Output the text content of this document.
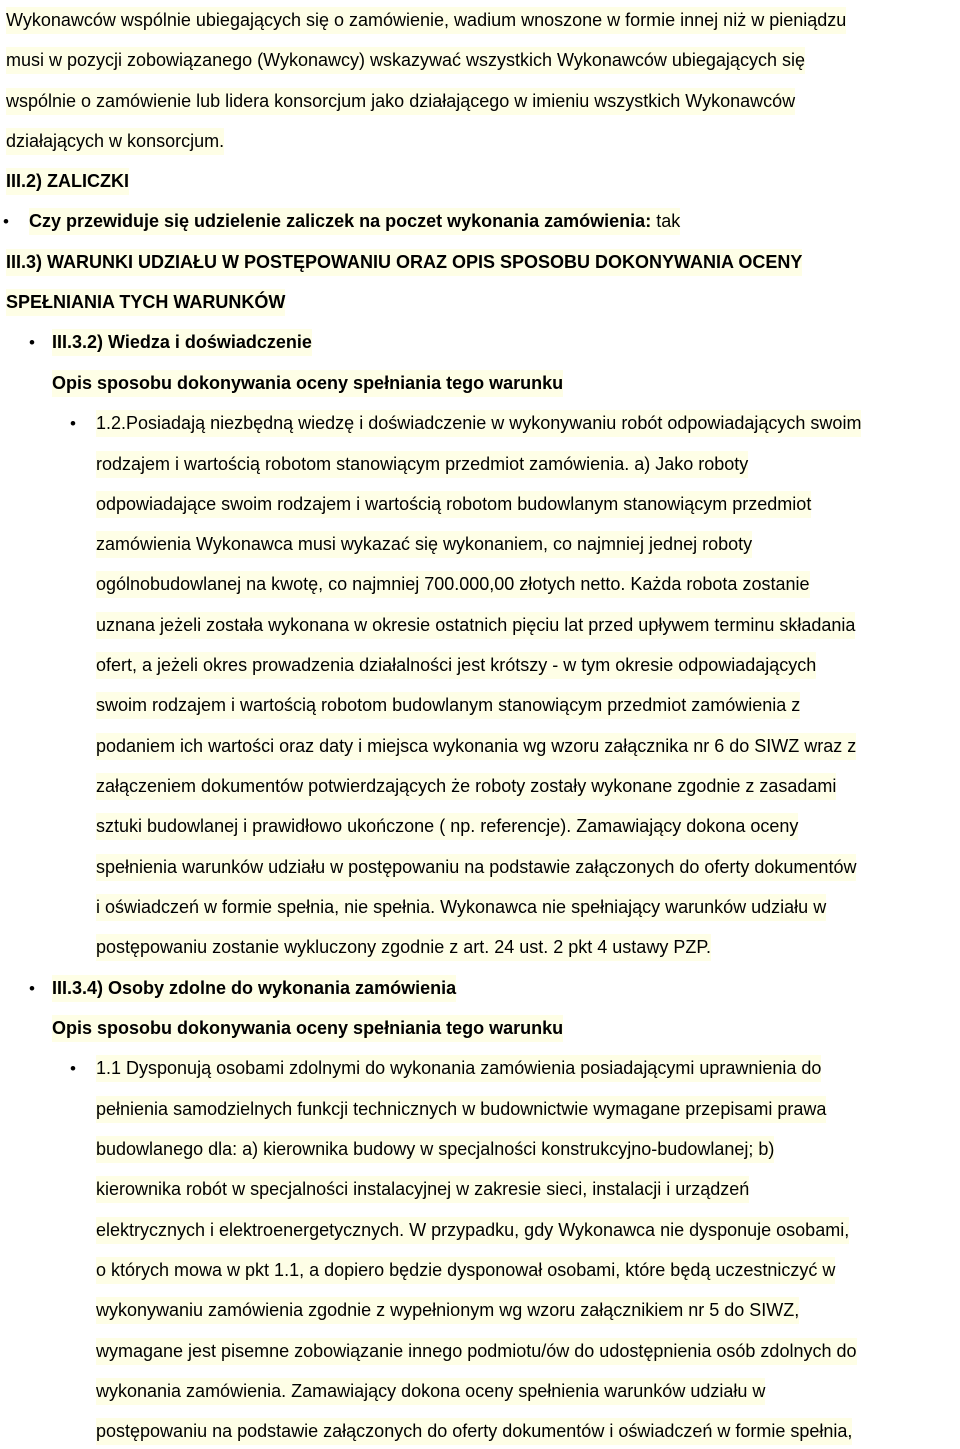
Wykonawców wspólnie ubiegających się o zamówienie, wadium wnoszone w formie innej niż w pieniądzu
musi w pozycji zobowiązanego (Wykonawcy) wskazywać wszystkich Wykonawców ubiegających się
wspólnie o zamówienie lub lidera konsorcjum jako działającego w imieniu wszystkich Wykonawców
działających w konsorcjum.
III.2) ZALICZKI
• Czy przewiduje się udzielenie zaliczek na poczet wykonania zamówienia: tak
III.3) WARUNKI UDZIAŁU W POSTĘPOWANIU ORAZ OPIS SPOSOBU DOKONYWANIA OCENY
SPEŁNIANIA TYCH WARUNKÓW
• III.3.2) Wiedza i doświadczenie
Opis sposobu dokonywania oceny spełniania tego warunku
• 1.2.Posiadają niezbędną wiedzę i doświadczenie w wykonywaniu robót odpowiadających swoim
rodzajem i wartością robotom stanowiącym przedmiot zamówienia. a) Jako roboty
odpowiadające swoim rodzajem i wartością robotom budowlanym stanowiącym przedmiot
zamówienia Wykonawca musi wykazać się wykonaniem, co najmniej jednej roboty
ogólnobudowlanej na kwotę, co najmniej 700.000,00 złotych netto. Każda robota zostanie
uznana jeżeli została wykonana w okresie ostatnich pięciu lat przed upływem terminu składania
ofert, a jeżeli okres prowadzenia działalności jest krótszy - w tym okresie odpowiadających
swoim rodzajem i wartością robotom budowlanym stanowiącym przedmiot zamówienia z
podaniem ich wartości oraz daty i miejsca wykonania wg wzoru załącznika nr 6 do SIWZ wraz z
załączeniem dokumentów potwierdzających że roboty zostały wykonane zgodnie z zasadami
sztuki budowlanej i prawidłowo ukończone ( np. referencje). Zamawiający dokona oceny
spełnienia warunków udziału w postępowaniu na podstawie załączonych do oferty dokumentów
i oświadczeń w formie spełnia, nie spełnia. Wykonawca nie spełniający warunków udziału w
postępowaniu zostanie wykluczony zgodnie z art. 24 ust. 2 pkt 4 ustawy PZP.
• III.3.4) Osoby zdolne do wykonania zamówienia
Opis sposobu dokonywania oceny spełniania tego warunku
• 1.1 Dysponują osobami zdolnymi do wykonania zamówienia posiadającymi uprawnienia do
pełnienia samodzielnych funkcji technicznych w budownictwie wymagane przepisami prawa
budowlanego dla: a) kierownika budowy w specjalności konstrukcyjno-budowlanej; b)
kierownika robót w specjalności instalacyjnej w zakresie sieci, instalacji i urządzeń
elektrycznych i elektroenergetycznych. W przypadku, gdy Wykonawca nie dysponuje osobami,
o których mowa w pkt 1.1, a dopiero będzie dysponował osobami, które będą uczestniczyć w
wykonywaniu zamówienia zgodnie z wypełnionym wg wzoru załącznikiem nr 5 do SIWZ,
wymagane jest pisemne zobowiązanie innego podmiotu/ów do udostępnienia osób zdolnych do
wykonania zamówienia. Zamawiający dokona oceny spełnienia warunków udziału w
postępowaniu na podstawie załączonych do oferty dokumentów i oświadczeń w formie spełnia,
